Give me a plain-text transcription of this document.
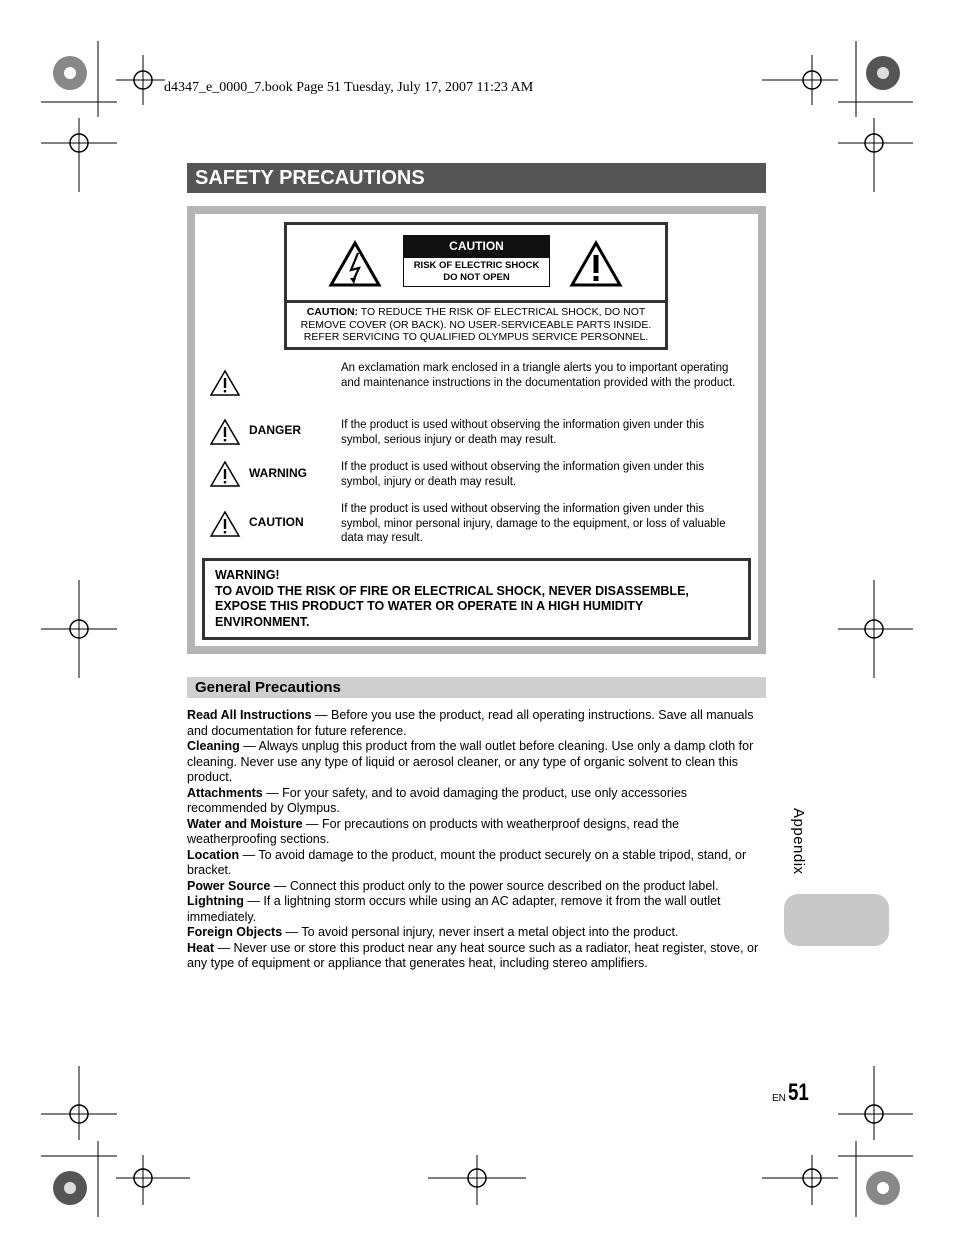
d4347_e_0000_7.book Page 51 Tuesday, July 17, 2007 11:23 AM
SAFETY PRECAUTIONS
CAUTION
RISK OF ELECTRIC SHOCK
DO NOT OPEN
CAUTION: TO REDUCE THE RISK OF ELECTRICAL SHOCK, DO NOT REMOVE COVER (OR BACK). NO USER-SERVICEABLE PARTS INSIDE. REFER SERVICING TO QUALIFIED OLYMPUS SERVICE PERSONNEL.
An exclamation mark enclosed in a triangle alerts you to important operating and maintenance instructions in the documentation provided with the product.
DANGER	If the product is used without observing the information given under this symbol, serious injury or death may result.
WARNING	If the product is used without observing the information given under this symbol, injury or death may result.
CAUTION
If the product is used without observing the information given under this symbol, minor personal injury, damage to the equipment, or loss of valuable data may result.
WARNING!
TO AVOID THE RISK OF FIRE OR ELECTRICAL SHOCK, NEVER DISASSEMBLE, EXPOSE THIS PRODUCT TO WATER OR OPERATE IN A HIGH HUMIDITY ENVIRONMENT.
General Precautions

Read All Instructions — Before you use the product, read all operating instructions. Save all manuals and documentation for future reference.

Cleaning — Always unplug this product from the wall outlet before cleaning. Use only a damp cloth for cleaning. Never use any type of liquid or aerosol cleaner, or any type of organic solvent to clean this product.

Attachments — For your safety, and to avoid damaging the product, use only accessories recommended by Olympus.

Water and Moisture — For precautions on products with weatherproof designs, read the weatherproofing sections.

Location — To avoid damage to the product, mount the product securely on a stable tripod, stand, or bracket.

Power Source — Connect this product only to the power source described on the product label.

Lightning — If a lightning storm occurs while using an AC adapter, remove it from the wall outlet immediately.

Foreign Objects — To avoid personal injury, never insert a metal object into the product.

Heat — Never use or store this product near any heat source such as a radiator, heat register, stove, or any type of equipment or appliance that generates heat, including stereo amplifiers.

Appendix
EN 51
